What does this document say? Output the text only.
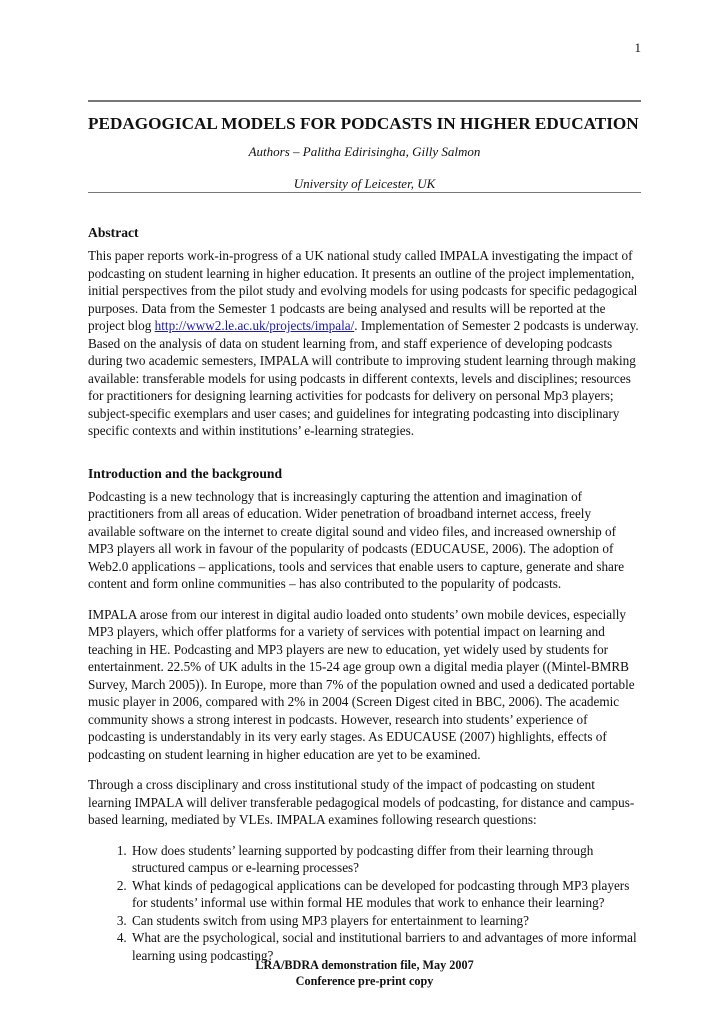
1
PEDAGOGICAL MODELS FOR PODCASTS IN HIGHER EDUCATION
Authors – Palitha Edirisingha, Gilly Salmon
University of Leicester, UK
Abstract

This paper reports work-in-progress of a UK national study called IMPALA investigating the impact of podcasting on student learning in higher education. It presents an outline of the project implementation, initial perspectives from the pilot study and evolving models for using podcasts for specific pedagogical purposes. Data from the Semester 1 podcasts are being analysed and results will be reported at the project blog http://www2.le.ac.uk/projects/impala/. Implementation of Semester 2 podcasts is underway. Based on the analysis of data on student learning from, and staff experience of developing podcasts during two academic semesters, IMPALA will contribute to improving student learning through making available: transferable models for using podcasts in different contexts, levels and disciplines; resources for practitioners for designing learning activities for podcasts for delivery on personal Mp3 players; subject-specific exemplars and user cases; and guidelines for integrating podcasting into disciplinary specific contexts and within institutions’ e-learning strategies.

Introduction and the background

Podcasting is a new technology that is increasingly capturing the attention and imagination of practitioners from all areas of education. Wider penetration of broadband internet access, freely available software on the internet to create digital sound and video files, and increased ownership of MP3 players all work in favour of the popularity of podcasts (EDUCAUSE, 2006). The adoption of Web2.0 applications – applications, tools and services that enable users to capture, generate and share content and form online communities – has also contributed to the popularity of podcasts.

IMPALA arose from our interest in digital audio loaded onto students’ own mobile devices, especially MP3 players, which offer platforms for a variety of services with potential impact on learning and teaching in HE. Podcasting and MP3 players are new to education, yet widely used by students for entertainment. 22.5% of UK adults in the 15-24 age group own a digital media player ((Mintel-BMRB Survey, March 2005)). In Europe, more than 7% of the population owned and used a dedicated portable music player in 2006, compared with 2% in 2004 (Screen Digest cited in BBC, 2006). The academic community shows a strong interest in podcasts. However, research into students’ experience of podcasting is understandably in its very early stages. As EDUCAUSE (2007) highlights, effects of podcasting on student learning in higher education are yet to be examined.

Through a cross disciplinary and cross institutional study of the impact of podcasting on student learning IMPALA will deliver transferable pedagogical models of podcasting, for distance and campus-based learning, mediated by VLEs. IMPALA examines following research questions:

1. How does students’ learning supported by podcasting differ from their learning through structured campus or e-learning processes?
2. What kinds of pedagogical applications can be developed for podcasting through MP3 players for students’ informal use within formal HE modules that work to enhance their learning?
3. Can students switch from using MP3 players for entertainment to learning?
4. What are the psychological, social and institutional barriers to and advantages of more informal learning using podcasting?
LRA/BDRA demonstration file, May 2007
Conference pre-print copy
